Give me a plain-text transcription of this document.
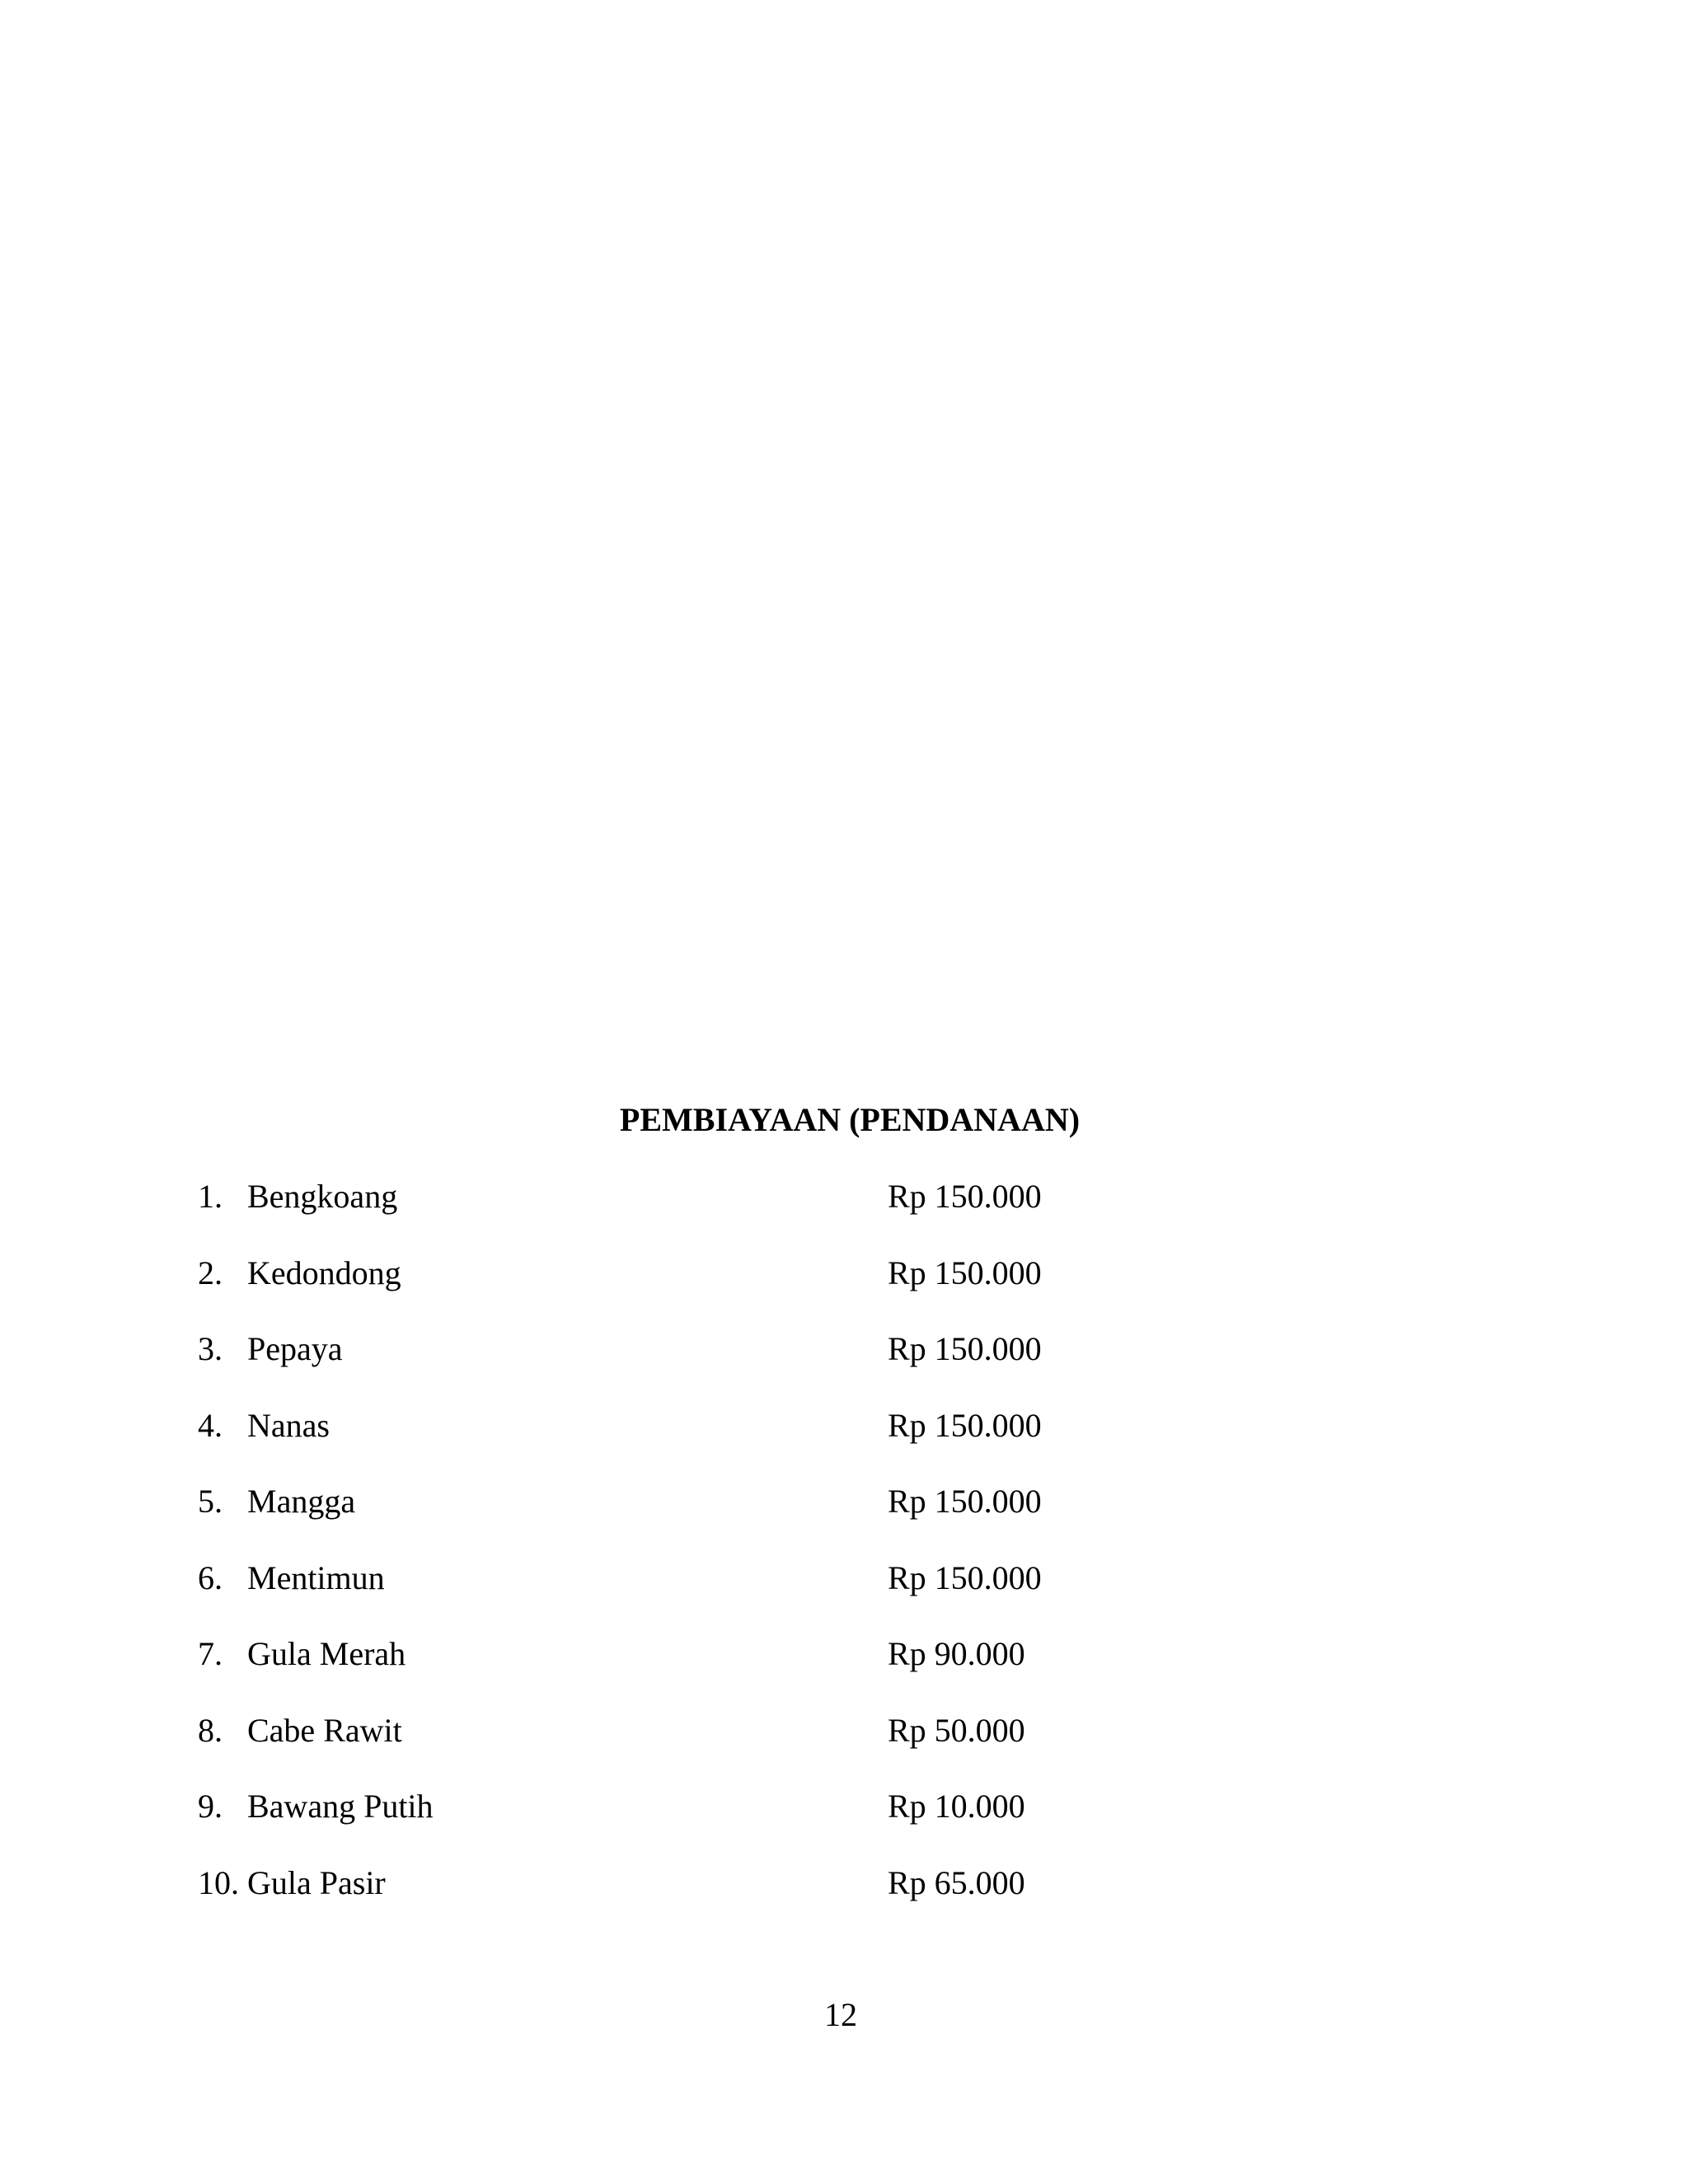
PEMBIAYAAN (PENDANAAN)
1. Bengkoang	Rp 150.000
2. Kedondong	Rp 150.000
3. Pepaya	Rp 150.000
4. Nanas	Rp 150.000
5. Mangga	Rp 150.000
6. Mentimun	Rp 150.000
7. Gula Merah	Rp 90.000
8. Cabe Rawit	Rp 50.000
9. Bawang Putih	Rp 10.000
10. Gula Pasir	Rp 65.000
12
